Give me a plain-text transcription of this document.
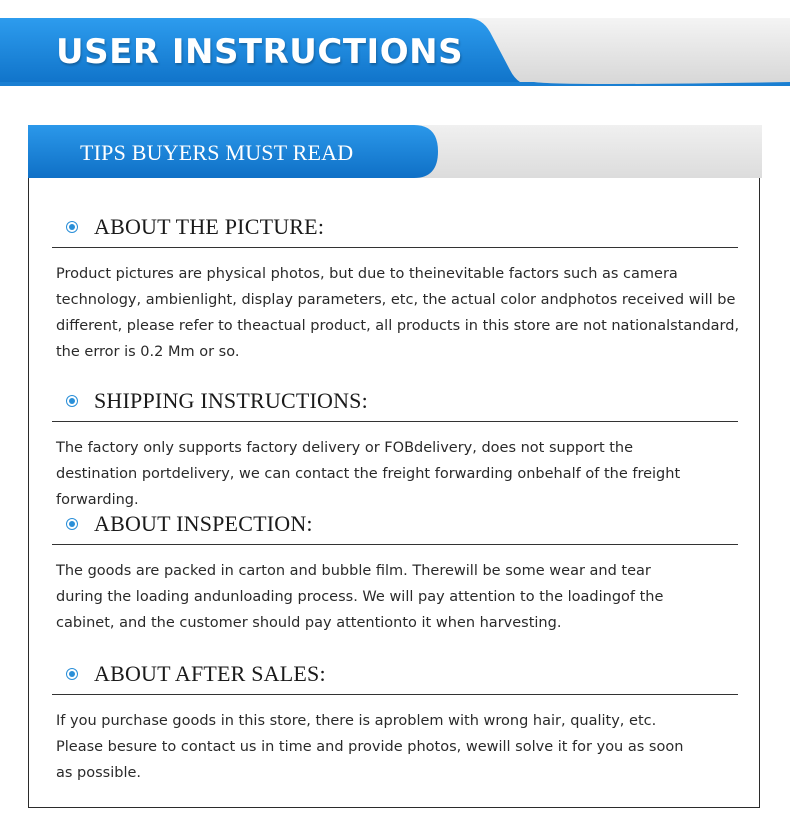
USER INSTRUCTIONS
TIPS BUYERS MUST READ
ABOUT THE PICTURE:

Product pictures are physical photos, but due to theinevitable factors such as camera technology, ambienlight, display parameters, etc, the actual color andphotos received will be different, please refer to theactual product, all products in this store are not nationalstandard, the error is 0.2 Mm or so.

SHIPPING INSTRUCTIONS:

The factory only supports factory delivery or FOBdelivery, does not support the destination portdelivery, we can contact the freight forwarding onbehalf of the freight forwarding.

ABOUT INSPECTION:

The goods are packed in carton and bubble film. Therewill be some wear and tear during the loading andunloading process. We will pay attention to the loadingof the cabinet, and the customer should pay attentionto it when harvesting.

ABOUT AFTER SALES:

If you purchase goods in this store, there is aproblem with wrong hair, quality, etc. Please besure to contact us in time and provide photos, wewill solve it for you as soon as possible.
